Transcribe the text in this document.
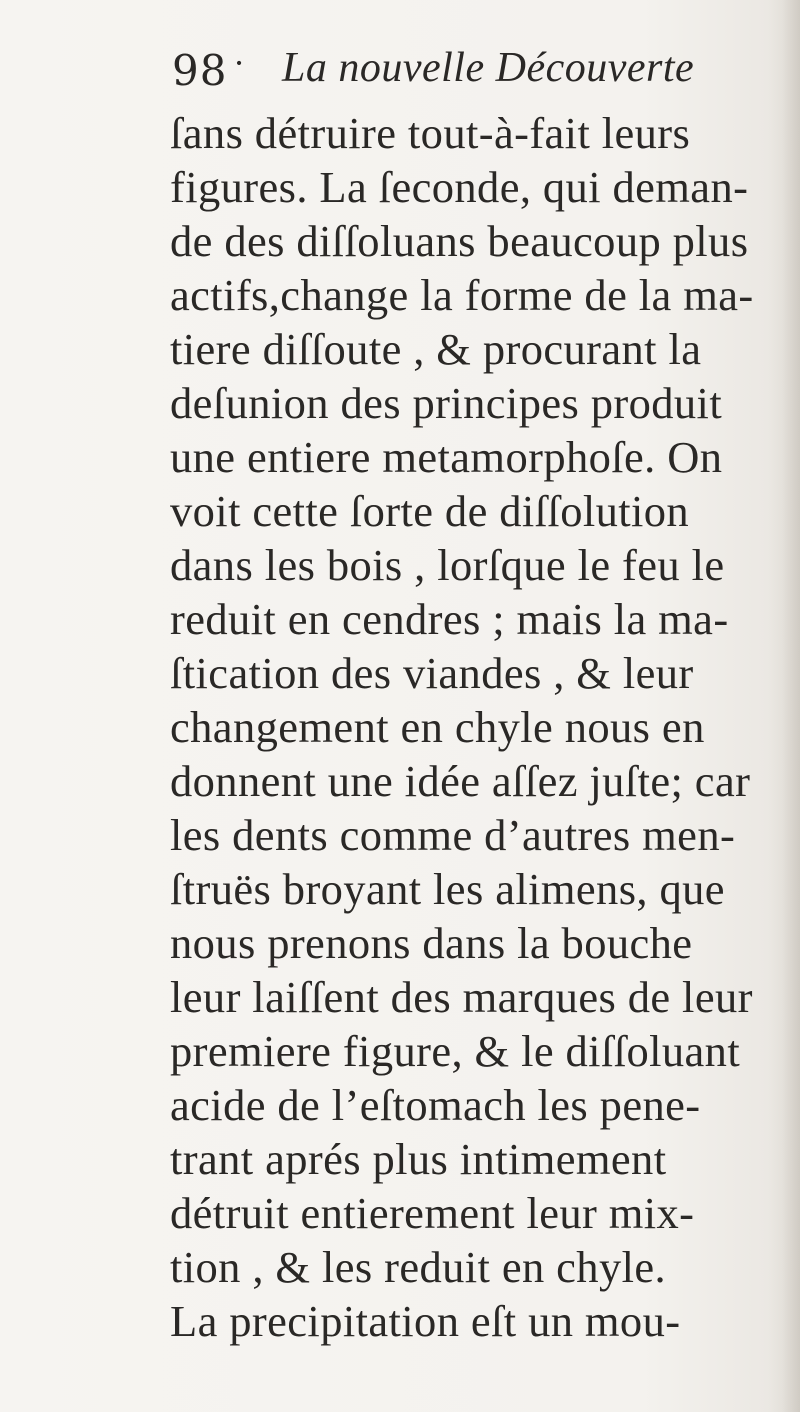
98 · La nouvelle Découverte
ſans détruire tout-à-fait leurs
figures. La ſeconde, qui deman-
de des diſſoluans beaucoup plus
actifs,change la forme de la ma-
tiere diſſoute , & procurant la
deſunion des principes produit
une entiere metamorphoſe. On
voit cette ſorte de diſſolution
dans les bois , lorſque le feu le
reduit en cendres ; mais la ma-
ſtication des viandes , & leur
changement en chyle nous en
donnent une idée aſſez juſte; car
les dents comme d’autres men-
ſtruës broyant les alimens, que
nous prenons dans la bouche
leur laiſſent des marques de leur
premiere figure, & le diſſoluant
acide de l’eſtomach les pene-
trant aprés plus intimement
détruit entierement leur mix-
tion , & les reduit en chyle.
La precipitation eſt un mou-
